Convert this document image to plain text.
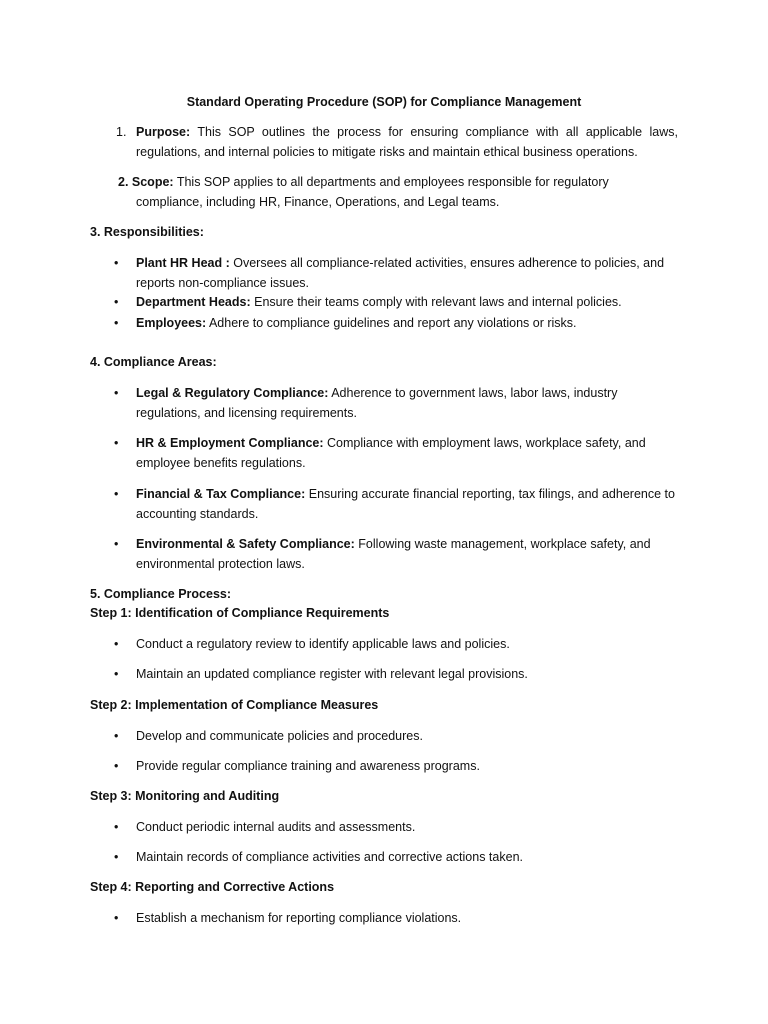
Standard Operating Procedure (SOP) for Compliance Management
1. Purpose: This SOP outlines the process for ensuring compliance with all applicable laws, regulations, and internal policies to mitigate risks and maintain ethical business operations.
2. Scope: This SOP applies to all departments and employees responsible for regulatory compliance, including HR, Finance, Operations, and Legal teams.
3. Responsibilities:
• Plant HR Head : Oversees all compliance-related activities, ensures adherence to policies, and reports non-compliance issues.
• Department Heads: Ensure their teams comply with relevant laws and internal policies.
• Employees: Adhere to compliance guidelines and report any violations or risks.
4. Compliance Areas:
• Legal & Regulatory Compliance: Adherence to government laws, labor laws, industry regulations, and licensing requirements.
• HR & Employment Compliance: Compliance with employment laws, workplace safety, and employee benefits regulations.
• Financial & Tax Compliance: Ensuring accurate financial reporting, tax filings, and adherence to accounting standards.
• Environmental & Safety Compliance: Following waste management, workplace safety, and environmental protection laws.
5. Compliance Process:
Step 1: Identification of Compliance Requirements
• Conduct a regulatory review to identify applicable laws and policies.
• Maintain an updated compliance register with relevant legal provisions.
Step 2: Implementation of Compliance Measures
• Develop and communicate policies and procedures.
• Provide regular compliance training and awareness programs.
Step 3: Monitoring and Auditing
• Conduct periodic internal audits and assessments.
• Maintain records of compliance activities and corrective actions taken.
Step 4: Reporting and Corrective Actions
• Establish a mechanism for reporting compliance violations.
